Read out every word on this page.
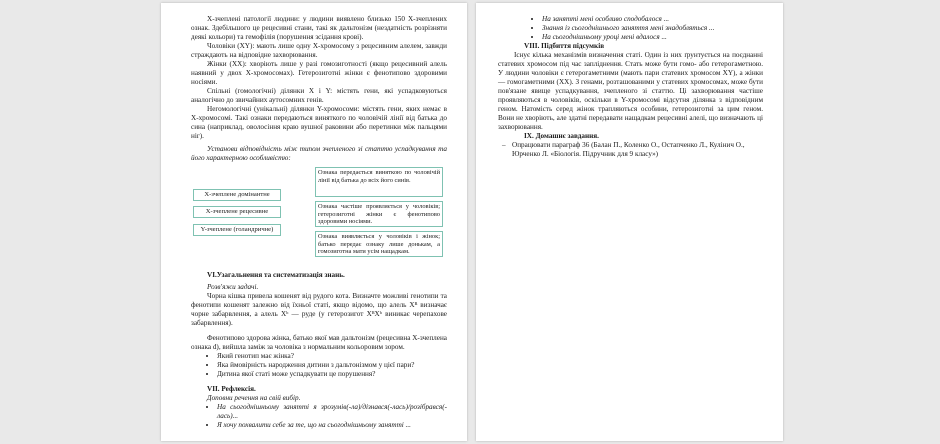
Х-зчеплені патології людини: у людини виявлено близько 150 Х-зчеплених ознак. Здебільшого це рецесивні стани, такі як дальтонізм (нездатність розрізняти деякі кольори) та гемофілія (порушення зсідання крові).

Чоловіки (XY): мають лише одну Х-хромосому з рецесивним алелем, завжди страждають на відповідне захворювання.

Жінки (XX): хворіють лише у разі гомозиготності (якщо рецесивний алель наявний у двох Х-хромосомах). Гетерозиготні жінки є фенотипово здоровими носіями.

Спільні (гомологічні) ділянки X і Y: містять гени, які успадковуються аналогічно до звичайних аутосомних генів.

Негомологічні (унікальні) ділянки Y-хромосоми: містять гени, яких немає в Х-хромосомі. Такі ознаки передаються виняткого по чоловічій лінії від батька до сина (наприклад, оволосіння краю вушної раковини або перетинки між пальцями ніг).

Установи відповідність між типом зчепленого зі статтю успадкування та його характерною особливістю:

Ознака передається виняткою по чоловічій лінії від батька до всіх його синів.
Ознака частіше проявляється у чоловіків; гетерозиготні жінки є фенотипово здоровими носіями.
Ознака виявляється у чоловіків і жінок; батько передає ознаку лише донькам, а гомозиготна мати усім нащадкам.
Х-зчеплене домінантне
Х-зчеплене рецесивне
Y-зчеплене (голандричне)
VI.Узагальнення та систематизація знань.

Розв'яжи задачі.

Чорна кішка привела кошенят від рудого кота. Визначте можливі генотипи та фенотипи кошенят залежно від їхньої статі, якщо відомо, що алель Xᴮ визначає чорне забарвлення, а алель Xᵇ — руде (у гетерозигот XᴮXᵇ виникає черепахове забарвлення).

Фенотипово здорова жінка, батько якої мав дальтонізм (рецесивна Х-зчеплена ознака d), вийшла заміж за чоловіка з нормальним кольоровим зором.

• Який генотип має жінка?
• Яка ймовірність народження дитини з дальтонізмом у цієї пари?
• Дитина якої статі може успадкувати це порушення?
VII. Рефлексія.

Доповни речення на свій вибір.

• На сьогоднішньому занятті я зрозумів(-ла)/дізнався(-лась)/розібрався(-лась)...
• Я хочу похвалити себе за те, що на сьогоднішньому занятті ...
• На занятті мені особливо сподобалося ...
• Знання із сьогоднішнього заняття мені знадобляться ...
• На сьогоднішньому уроці мені вдалося ...
VIII. Підбиття підсумків

Існує кілька механізмів визначення статі. Один із них ґрунтується на поєднанні статевих хромосом під час запліднення. Стать може бути гомо- або гетерогаметною. У людини чоловіки є гетерогаметними (мають пари статевих хромосом XY), а жінки — гомогаметними (XX). З генами, розташованими у статевих хромосомах, може бути пов'язане явище успадкування, зчепленого зі статтю. Ці захворювання частіше проявляються в чоловіків, оскільки в Y-хромосомі відсутня ділянка з відповідним геном. Натомість серед жінок трапляються особини, гетерозиготні за цим геном. Вони не хворіють, але здатні передавати нащадкам рецесивні алелі, що визначають ці захворювання.

IX. Домашнє завдання.
– Опрацювати параграф 36 (Балан П., Коленко О., Остапченко Л., Кулінич О., Юрченко Л. «Біологія. Підручник для 9 класу»)
